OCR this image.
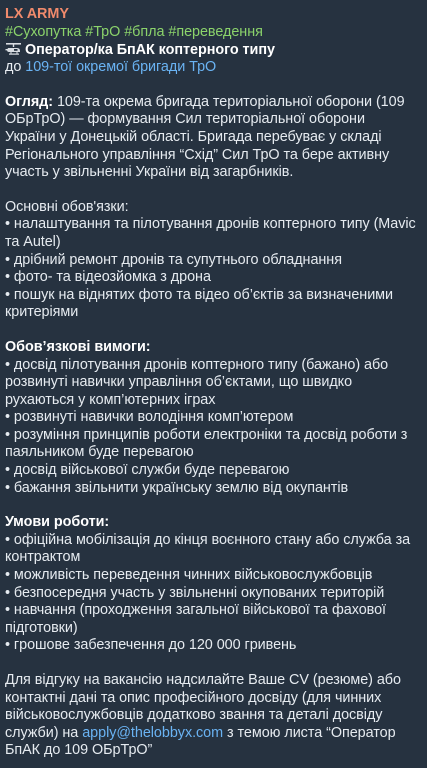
LX ARMY
#Сухопутка #ТрО #бпла #переведення
Оператор/ка БпАК коптерного типу
до 109-тої окремої бригади ТрО

Огляд: 109-та окрема бригада територіальної оборони (109 ОБрТрО) — формування Сил територіальної оборони України у Донецькій області. Бригада перебуває у складі Регіонального управління “Схід” Сил ТрО та бере активну участь у звільненні України від загарбників.

Основні обов'язки:

• налаштування та пілотування дронів коптерного типу (Mavic та Autel)

• дрібний ремонт дронів та супутнього обладнання

• фото- та відеозйомка з дрона

• пошук на віднятих фото та відео об’єктів за визначеними критеріями

Обов’язкові вимоги:

• досвід пілотування дронів коптерного типу (бажано) або розвинуті навички управління об’єктами, що швидко рухаються у комп’ютерних іграх

• розвинуті навички володіння комп’ютером

• розуміння принципів роботи електроніки та досвід роботи з паяльником буде перевагою

• досвід військової служби буде перевагою

• бажання звільнити українську землю від окупантів

Умови роботи:

• офіційна мобілізація до кінця воєнного стану або служба за контрактом

• можливість переведення чинних військовослужбовців

• безпосередня участь у звільненні окупованих територій

• навчання (проходження загальної військової та фахової підготовки)

• грошове забезпечення до 120 000 гривень

Для відгуку на вакансію надсилайте Ваше CV (резюме) або контактні дані та опис професійного досвіду (для чинних військовослужбовців додатково звання та деталі досвіду служби) на apply@thelobbyx.com з темою листа “Оператор БпАК до 109 ОБрТрО”
